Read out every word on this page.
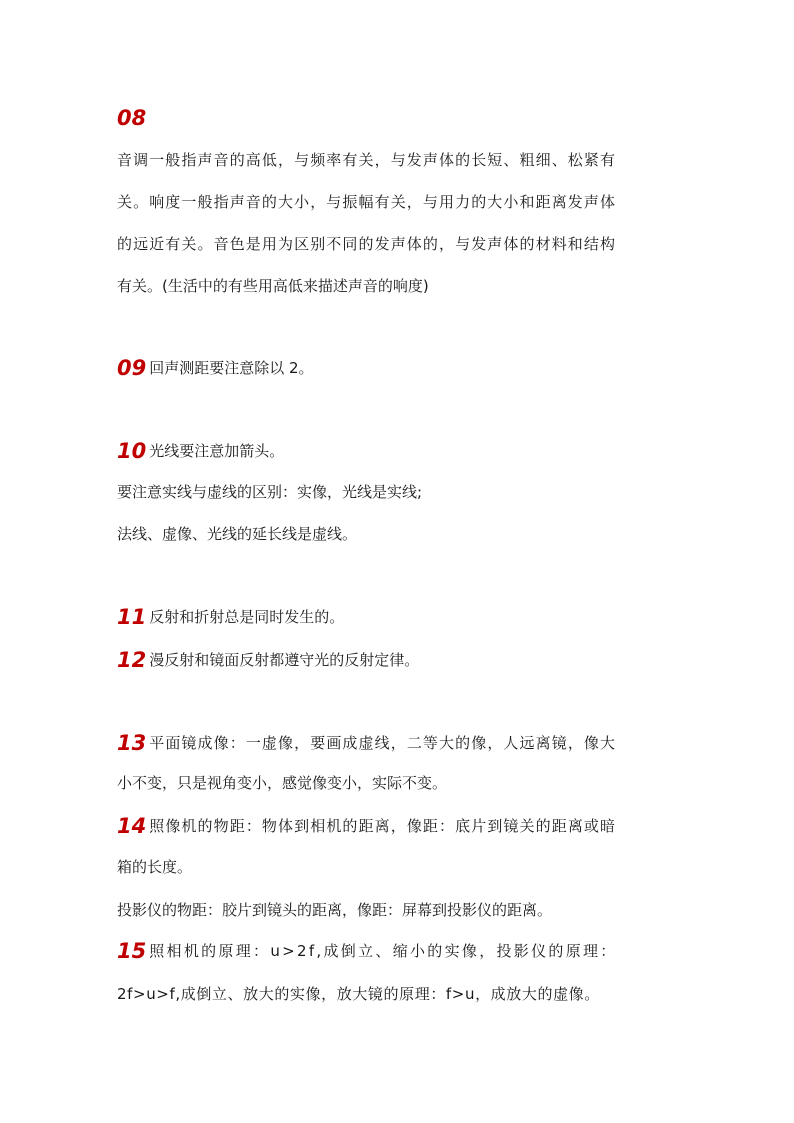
08
音调一般指声音的高低，与频率有关，与发声体的长短、粗细、松紧有
关。响度一般指声音的大小，与振幅有关，与用力的大小和距离发声体
的远近有关。音色是用为区别不同的发声体的，与发声体的材料和结构
有关。(生活中的有些用高低来描述声音的响度)
09 回声测距要注意除以 2。
10 光线要注意加箭头。
要注意实线与虚线的区别：实像，光线是实线;
法线、虚像、光线的延长线是虚线。
11 反射和折射总是同时发生的。
12 漫反射和镜面反射都遵守光的反射定律。
13 平面镜成像：一虚像，要画成虚线，二等大的像，人远离镜，像大
小不变，只是视角变小，感觉像变小，实际不变。
14 照像机的物距：物体到相机的距离，像距：底片到镜关的距离或暗
箱的长度。
投影仪的物距：胶片到镜头的距离，像距：屏幕到投影仪的距离。
15 照相机的原理：u>2f,成倒立、缩小的实像，投影仪的原理：
2f>u>f,成倒立、放大的实像，放大镜的原理：f>u，成放大的虚像。
